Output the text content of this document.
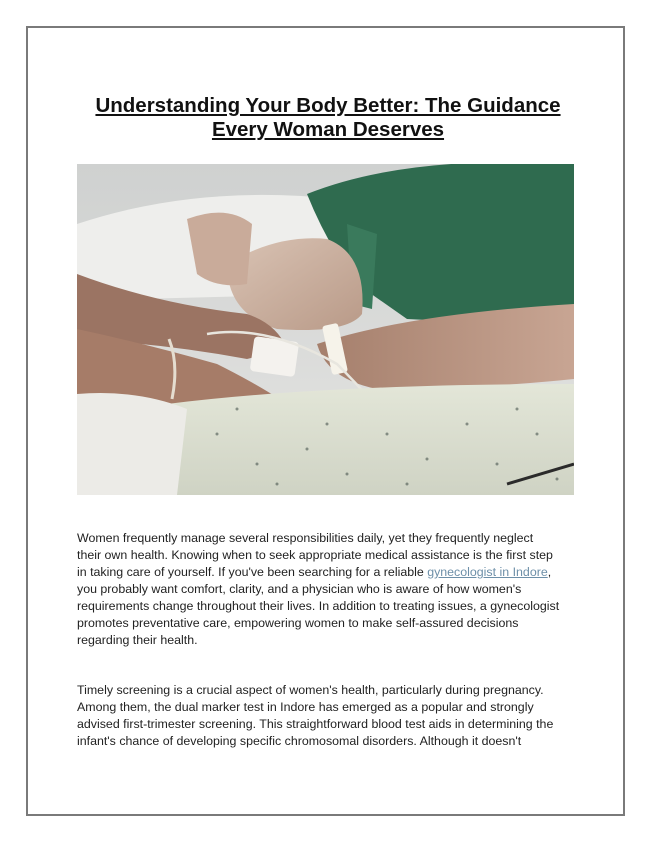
Understanding Your Body Better: The Guidance
Every Woman Deserves

Women frequently manage several responsibilities daily, yet they frequently neglect
their own health. Knowing when to seek appropriate medical assistance is the first step
in taking care of yourself. If you've been searching for a reliable gynecologist in Indore,
you probably want comfort, clarity, and a physician who is aware of how women's
requirements change throughout their lives. In addition to treating issues, a gynecologist
promotes preventative care, empowering women to make self-assured decisions
regarding their health.

Timely screening is a crucial aspect of women's health, particularly during pregnancy.
Among them, the dual marker test in Indore has emerged as a popular and strongly
advised first-trimester screening. This straightforward blood test aids in determining the
infant's chance of developing specific chromosomal disorders. Although it doesn't
